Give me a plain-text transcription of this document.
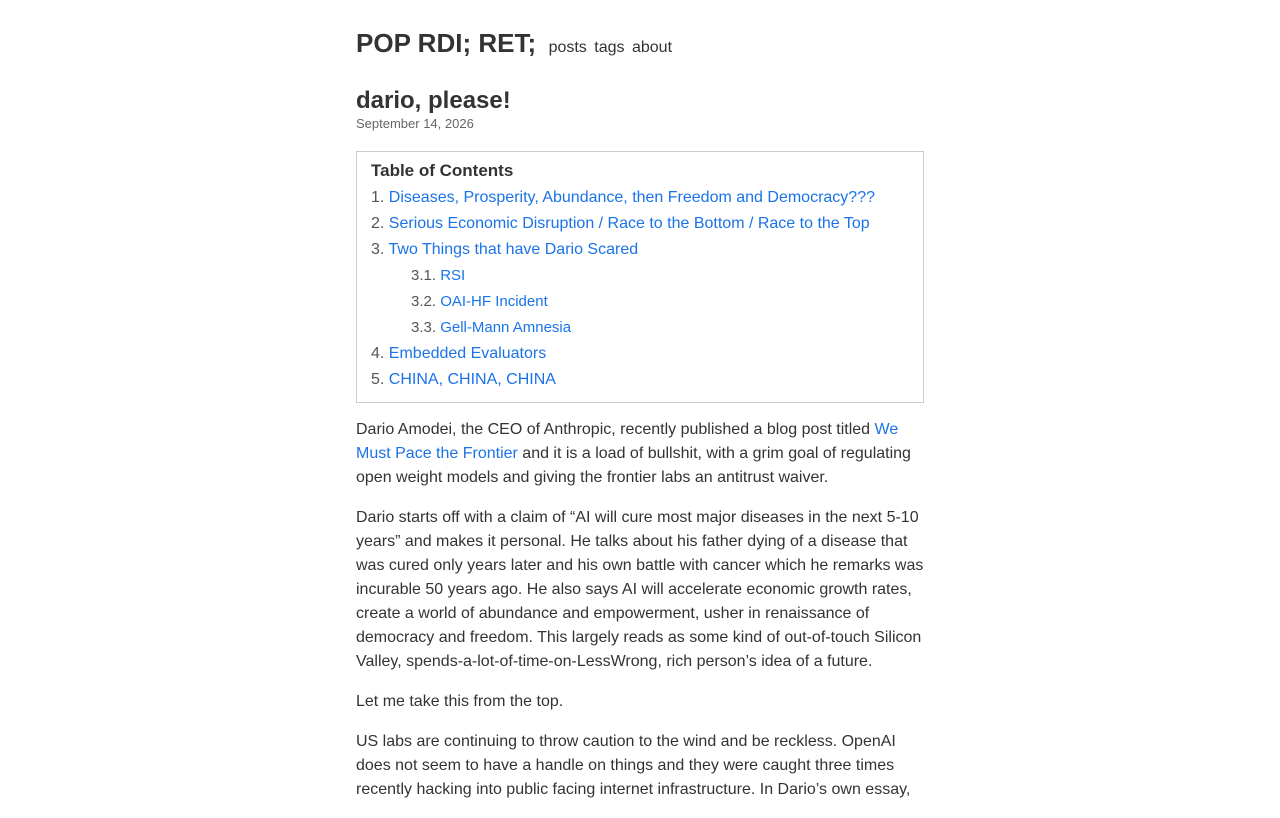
POP RDI; RET; posts tags about
dario, please!
September 14, 2026
Table of Contents
1. Diseases, Prosperity, Abundance, then Freedom and Democracy???
2. Serious Economic Disruption / Race to the Bottom / Race to the Top
3. Two Things that have Dario Scared
3.1. RSI
3.2. OAI-HF Incident
3.3. Gell-Mann Amnesia
4. Embedded Evaluators
5. CHINA, CHINA, CHINA

Dario Amodei, the CEO of Anthropic, recently published a blog post titled We Must Pace the Frontier and it is a load of bullshit, with a grim goal of regulating open weight models and giving the frontier labs an antitrust waiver.

Dario starts off with a claim of “AI will cure most major diseases in the next 5-10 years” and makes it personal. He talks about his father dying of a disease that was cured only years later and his own battle with cancer which he remarks was incurable 50 years ago. He also says AI will accelerate economic growth rates, create a world of abundance and empowerment, usher in renaissance of democracy and freedom. This largely reads as some kind of out-of-touch Silicon Valley, spends-a-lot-of-time-on-LessWrong, rich person’s idea of a future.

Let me take this from the top.

US labs are continuing to throw caution to the wind and be reckless. OpenAI does not seem to have a handle on things and they were caught three times recently hacking into public facing internet infrastructure. In Dario’s own essay,
